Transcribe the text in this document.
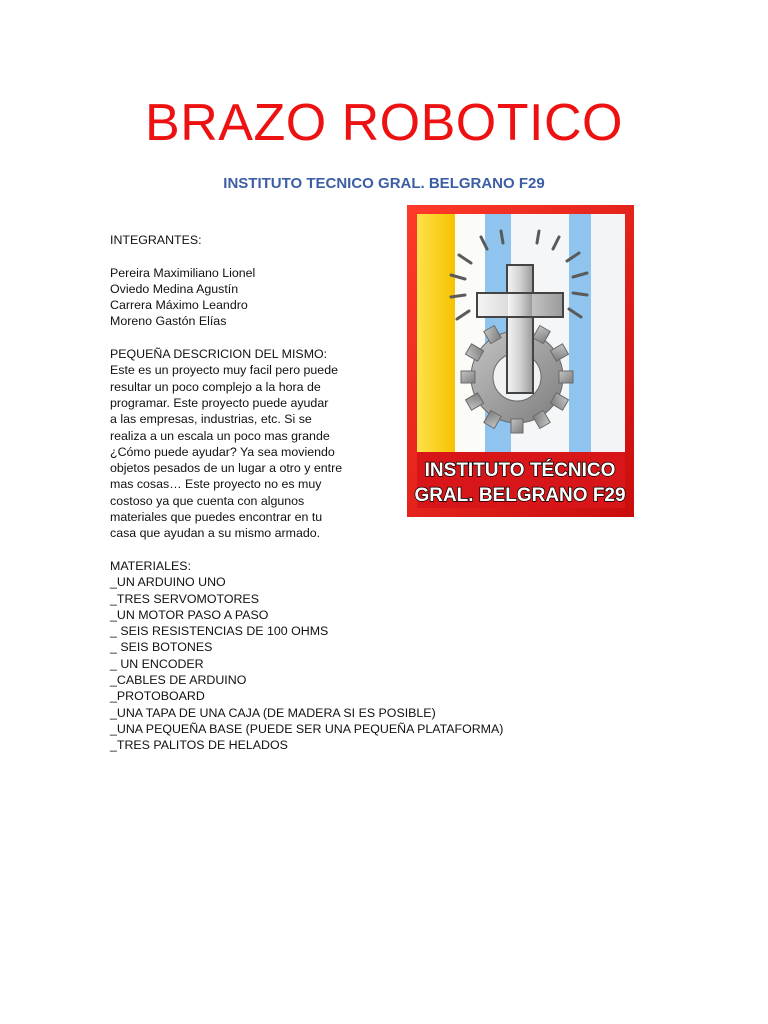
BRAZO ROBOTICO
INSTITUTO TECNICO GRAL. BELGRANO F29

INTEGRANTES:

Pereira Maximiliano Lionel

Oviedo Medina Agustín

Carrera Máximo Leandro

Moreno Gastón Elías

PEQUEÑA DESCRICION DEL MISMO:

Este es un proyecto muy facil pero puede

resultar un poco complejo a la hora de

programar. Este proyecto puede ayudar

a las empresas, industrias, etc. Si se

realiza a un escala un poco mas grande

¿Cómo puede ayudar? Ya sea moviendo

objetos pesados de un lugar a otro y entre

mas cosas… Este proyecto no es muy

costoso ya que cuenta con algunos

materiales que puedes encontrar en tu

casa que ayudan a su mismo armado.

MATERIALES:

_UN ARDUINO UNO

_TRES SERVOMOTORES

_UN MOTOR PASO A PASO

_ SEIS RESISTENCIAS DE 100 OHMS

_ SEIS BOTONES

_ UN ENCODER

_CABLES DE ARDUINO

_PROTOBOARD

_UNA TAPA DE UNA CAJA (DE MADERA SI ES POSIBLE)

_UNA PEQUEÑA BASE (PUEDE SER UNA PEQUEÑA PLATAFORMA)

_TRES PALITOS DE HELADOS

INSTITUTO TÉCNICO
GRAL. BELGRANO F29
